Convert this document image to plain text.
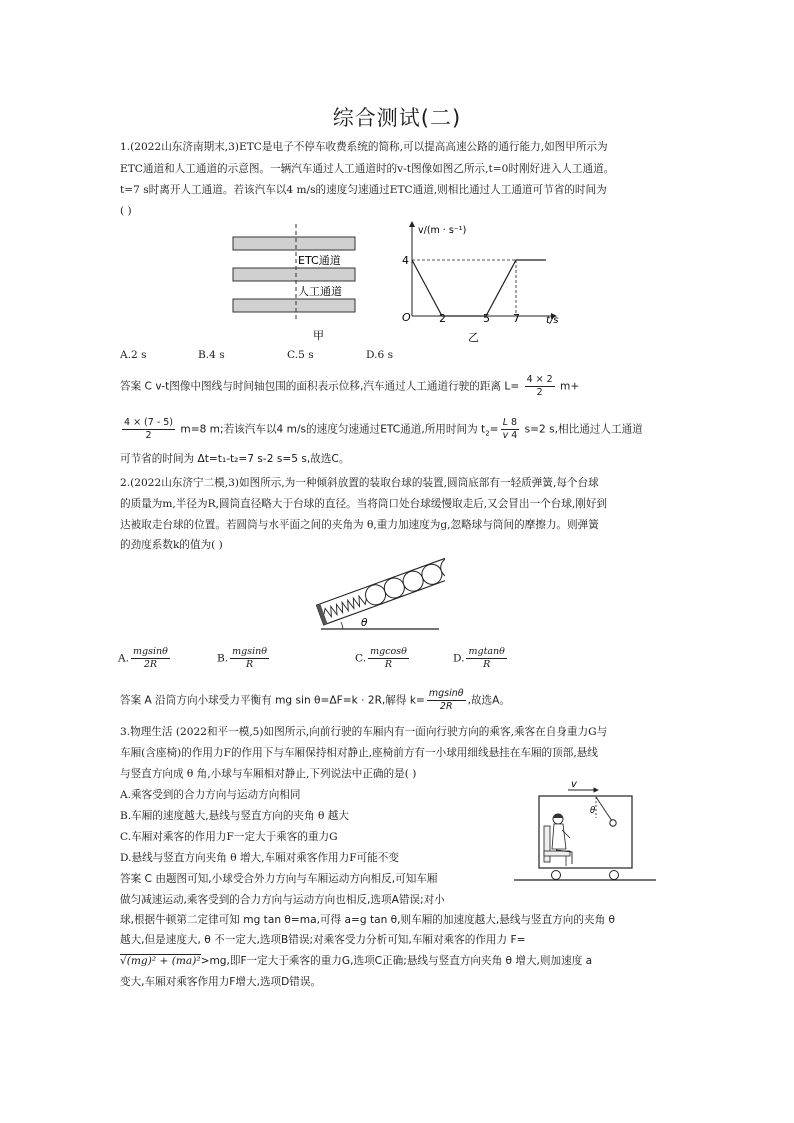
综合测试(二)
1.(2022山东济南期末,3)ETC是电子不停车收费系统的简称,可以提高高速公路的通行能力,如图甲所示为
ETC通道和人工通道的示意图。一辆汽车通过人工通道时的v-t图像如图乙所示,t=0时刚好进入人工通道。
t=7 s时离开人工通道。若该汽车以4 m/s的速度匀速通过ETC通道,则相比通过人工通道可节省的时间为
( )
ETC通道
人工通道
甲
v/(m · s⁻¹)
t/s
O
4
2	5 7
乙
A.2 s	B.4 s	C.5 s	D.6 s
答案 C v-t图像中图线与时间轴包围的面积表示位移,汽车通过人工通道行驶的距离 $L= \frac{4 \times 2}{2} m+$
$\frac{4 \times (7 - 5)}{2} m=8$ m;若该汽车以4 m/s的速度匀速通过ETC通道,所用时间为 $t_2= \frac{L 8}{v 4} s=2$ s,相比通过人工通道
可节省的时间为 Δt=t₁-t₂=7 s-2 s=5 s,故选C。
2.(2022山东济宁二模,3)如图所示,为一种倾斜放置的装取台球的装置,圆筒底部有一轻质弹簧,每个台球
的质量为m,半径为R,圆筒直径略大于台球的直径。当将筒口处台球缓慢取走后,又会冒出一个台球,刚好到
达被取走台球的位置。若圆筒与水平面之间的夹角为 θ,重力加速度为g,忽略球与筒间的摩擦力。则弹簧
的劲度系数k的值为( )
θ
A. $\frac{mgsin\theta}{2R}$	B. $\frac{mgsin\theta}{R}$	C. $\frac{mgcos\theta}{R}$	D. $\frac{mgtan\theta}{R}$
答案 A 沿筒方向小球受力平衡有 mg sin θ=ΔF=k · 2R,解得 $k= \frac{mgsin\theta}{2R}$ ,故选A。
3.物理生活 (2022和平一模,5)如图所示,向前行驶的车厢内有一面向行驶方向的乘客,乘客在自身重力G与
车厢(含座椅)的作用力F的作用下与车厢保持相对静止,座椅前方有一小球用细线悬挂在车厢的顶部,悬线
与竖直方向成 θ 角,小球与车厢相对静止,下列说法中正确的是( )
A.乘客受到的合力方向与运动方向相同
B.车厢的速度越大,悬线与竖直方向的夹角 θ 越大
C.车厢对乘客的作用力F一定大于乘客的重力G
D.悬线与竖直方向夹角 θ 增大,车厢对乘客作用力F可能不变
v
θ
答案 C 由题图可知,小球受合外力方向与车厢运动方向相反,可知车厢
做匀减速运动,乘客受到的合力方向与运动方向也相反,选项A错误;对小
球,根据牛顿第二定律可知 mg tan θ=ma,可得 a=g tan θ,则车厢的加速度越大,悬线与竖直方向的夹角 θ
越大,但是速度大, θ 不一定大,选项B错误;对乘客受力分析可知,车厢对乘客的作用力 F=
√(mg)² + (ma)²>mg,即F一定大于乘客的重力G,选项C正确;悬线与竖直方向夹角 θ 增大,则加速度 a
变大,车厢对乘客作用力F增大,选项D错误。
